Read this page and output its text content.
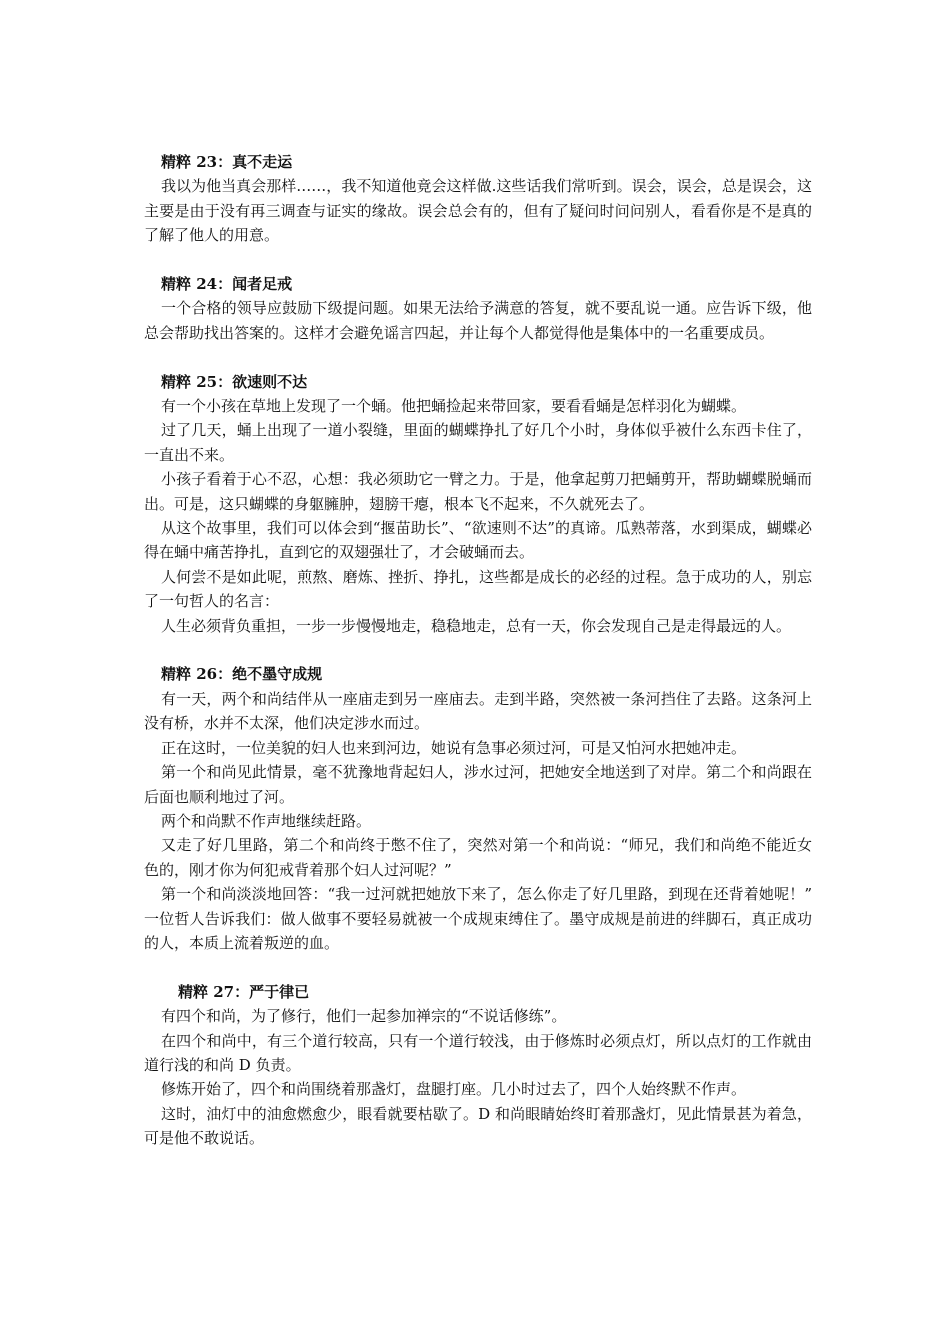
精粹 23：真不走运

我以为他当真会那样……，我不知道他竟会这样做.这些话我们常听到。误会，误会，总是误会，这主要是由于没有再三调查与证实的缘故。误会总会有的，但有了疑问时问问别人，看看你是不是真的了解了他人的用意。

精粹 24：闻者足戒

一个合格的领导应鼓励下级提问题。如果无法给予满意的答复，就不要乱说一通。应告诉下级，他总会帮助找出答案的。这样才会避免谣言四起，并让每个人都觉得他是集体中的一名重要成员。

精粹 25：欲速则不达

有一个小孩在草地上发现了一个蛹。他把蛹捡起来带回家，要看看蛹是怎样羽化为蝴蝶。

过了几天，蛹上出现了一道小裂缝，里面的蝴蝶挣扎了好几个小时，身体似乎被什么东西卡住了，一直出不来。

小孩子看着于心不忍，心想：我必须助它一臂之力。于是，他拿起剪刀把蛹剪开，帮助蝴蝶脱蛹而出。可是，这只蝴蝶的身躯臃肿，翅膀干瘪，根本飞不起来，不久就死去了。

从这个故事里，我们可以体会到“揠苗助长”、“欲速则不达”的真谛。瓜熟蒂落，水到渠成，蝴蝶必得在蛹中痛苦挣扎，直到它的双翅强壮了，才会破蛹而去。

人何尝不是如此呢，煎熬、磨炼、挫折、挣扎，这些都是成长的必经的过程。急于成功的人，别忘了一句哲人的名言：

人生必须背负重担，一步一步慢慢地走，稳稳地走，总有一天，你会发现自己是走得最远的人。

精粹 26：绝不墨守成规

有一天，两个和尚结伴从一座庙走到另一座庙去。走到半路，突然被一条河挡住了去路。这条河上没有桥，水并不太深，他们决定涉水而过。

正在这时，一位美貌的妇人也来到河边，她说有急事必须过河，可是又怕河水把她冲走。

第一个和尚见此情景，毫不犹豫地背起妇人，涉水过河，把她安全地送到了对岸。第二个和尚跟在后面也顺利地过了河。

两个和尚默不作声地继续赶路。

又走了好几里路，第二个和尚终于憋不住了，突然对第一个和尚说：“师兄，我们和尚绝不能近女色的，刚才你为何犯戒背着那个妇人过河呢？”

第一个和尚淡淡地回答：“我一过河就把她放下来了，怎么你走了好几里路，到现在还背着她呢！” 一位哲人告诉我们：做人做事不要轻易就被一个成规束缚住了。墨守成规是前进的绊脚石，真正成功的人，本质上流着叛逆的血。

精粹 27：严于律已

有四个和尚，为了修行，他们一起参加禅宗的“不说话修练”。

在四个和尚中，有三个道行较高，只有一个道行较浅，由于修炼时必须点灯，所以点灯的工作就由道行浅的和尚 D 负责。

修炼开始了，四个和尚围绕着那盏灯，盘腿打座。几小时过去了，四个人始终默不作声。

这时，油灯中的油愈燃愈少，眼看就要枯歇了。D 和尚眼睛始终盯着那盏灯，见此情景甚为着急，可是他不敢说话。
